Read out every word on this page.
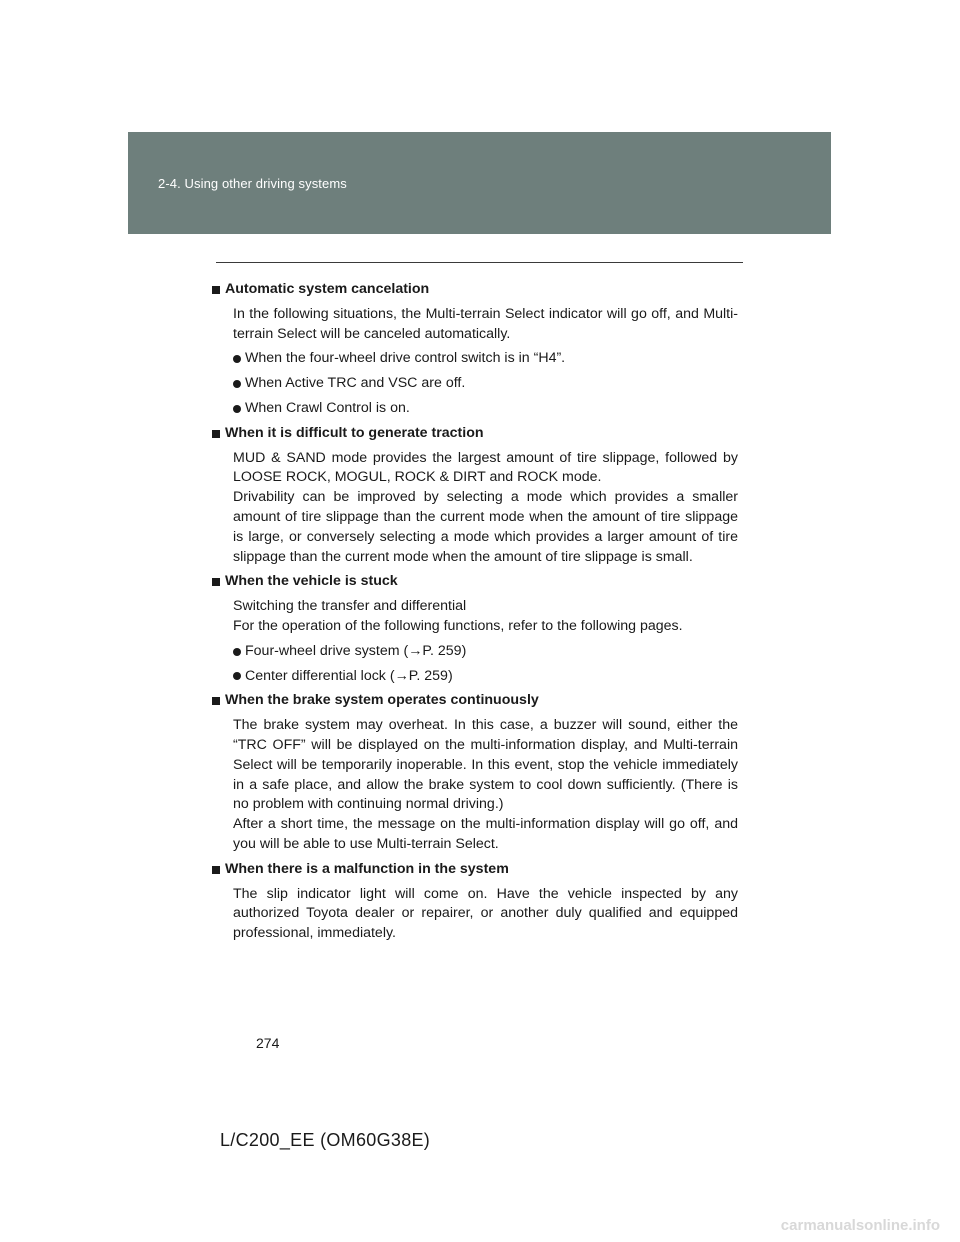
2-4. Using other driving systems
Automatic system cancelation
In the following situations, the Multi-terrain Select indicator will go off, and Multi-terrain Select will be canceled automatically.
When the four-wheel drive control switch is in “H4”.
When Active TRC and VSC are off.
When Crawl Control is on.
When it is difficult to generate traction
MUD & SAND mode provides the largest amount of tire slippage, followed by LOOSE ROCK, MOGUL, ROCK & DIRT and ROCK mode.
Drivability can be improved by selecting a mode which provides a smaller amount of tire slippage than the current mode when the amount of tire slippage is large, or conversely selecting a mode which provides a larger amount of tire slippage than the current mode when the amount of tire slippage is small.
When the vehicle is stuck
Switching the transfer and differential
For the operation of the following functions, refer to the following pages.
Four-wheel drive system (→P. 259)
Center differential lock (→P. 259)
When the brake system operates continuously
The brake system may overheat. In this case, a buzzer will sound, either the “TRC OFF” will be displayed on the multi-information display, and Multi-terrain Select will be temporarily inoperable. In this event, stop the vehicle immediately in a safe place, and allow the brake system to cool down sufficiently. (There is no problem with continuing normal driving.)
After a short time, the message on the multi-information display will go off, and you will be able to use Multi-terrain Select.
When there is a malfunction in the system
The slip indicator light will come on. Have the vehicle inspected by any authorized Toyota dealer or repairer, or another duly qualified and equipped professional, immediately.
274
L/C200_EE (OM60G38E)
carmanualsonline.info
